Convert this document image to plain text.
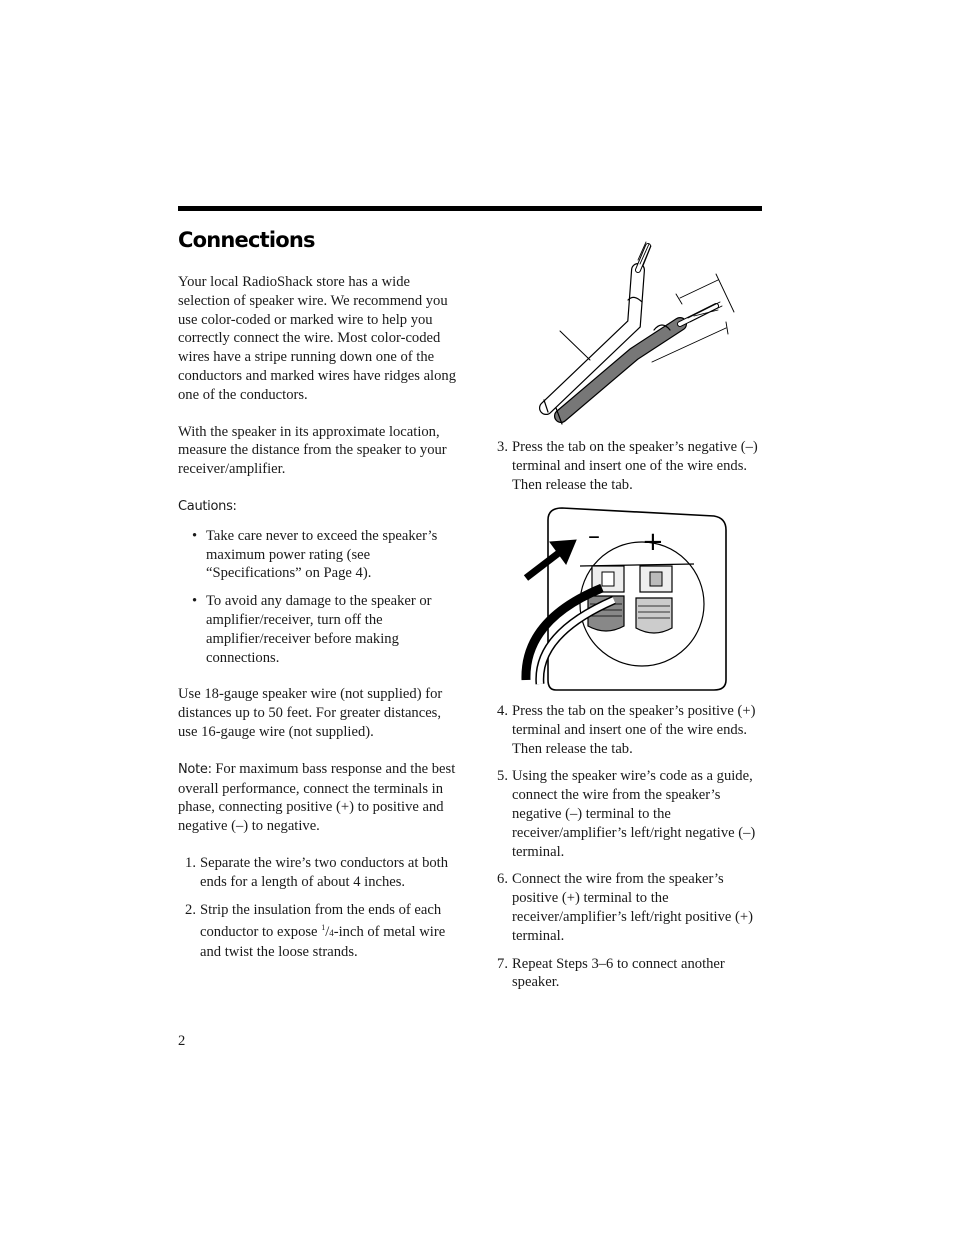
Connections

Your local RadioShack store has a wide selection of speaker wire. We recommend you use color-coded or marked wire to help you correctly connect the wire. Most color-coded wires have a stripe running down one of the conductors and marked wires have ridges along one of the conductors.

With the speaker in its approximate location, measure the distance from the speaker to your receiver/amplifier.

Cautions:

• Take care never to exceed the speaker’s maximum power rating (see “Specifications” on Page 4).
• To avoid any damage to the speaker or amplifier/receiver, turn off the amplifier/receiver before making connections.

Use 18-gauge speaker wire (not supplied) for distances up to 50 feet. For greater distances, use 16-gauge wire (not supplied).

Note: For maximum bass response and the best overall performance, connect the terminals in phase, connecting positive (+) to positive and negative (–) to negative.

1. Separate the wire’s two conductors at both ends for a length of about 4 inches.
2. Strip the insulation from the ends of each conductor to expose $^1$/4-inch of metal wire and twist the loose strands.
3. Press the tab on the speaker’s negative (–) terminal and insert one of the wire ends. Then release the tab.
– +
4. Press the tab on the speaker’s positive (+) terminal and insert one of the wire ends. Then release the tab.
5. Using the speaker wire’s code as a guide, connect the wire from the speaker’s negative (–) terminal to the receiver/amplifier’s left/right negative (–) terminal.
6. Connect the wire from the speaker’s positive (+) terminal to the receiver/amplifier’s left/right positive (+) terminal.
7. Repeat Steps 3–6 to connect another speaker.
2
